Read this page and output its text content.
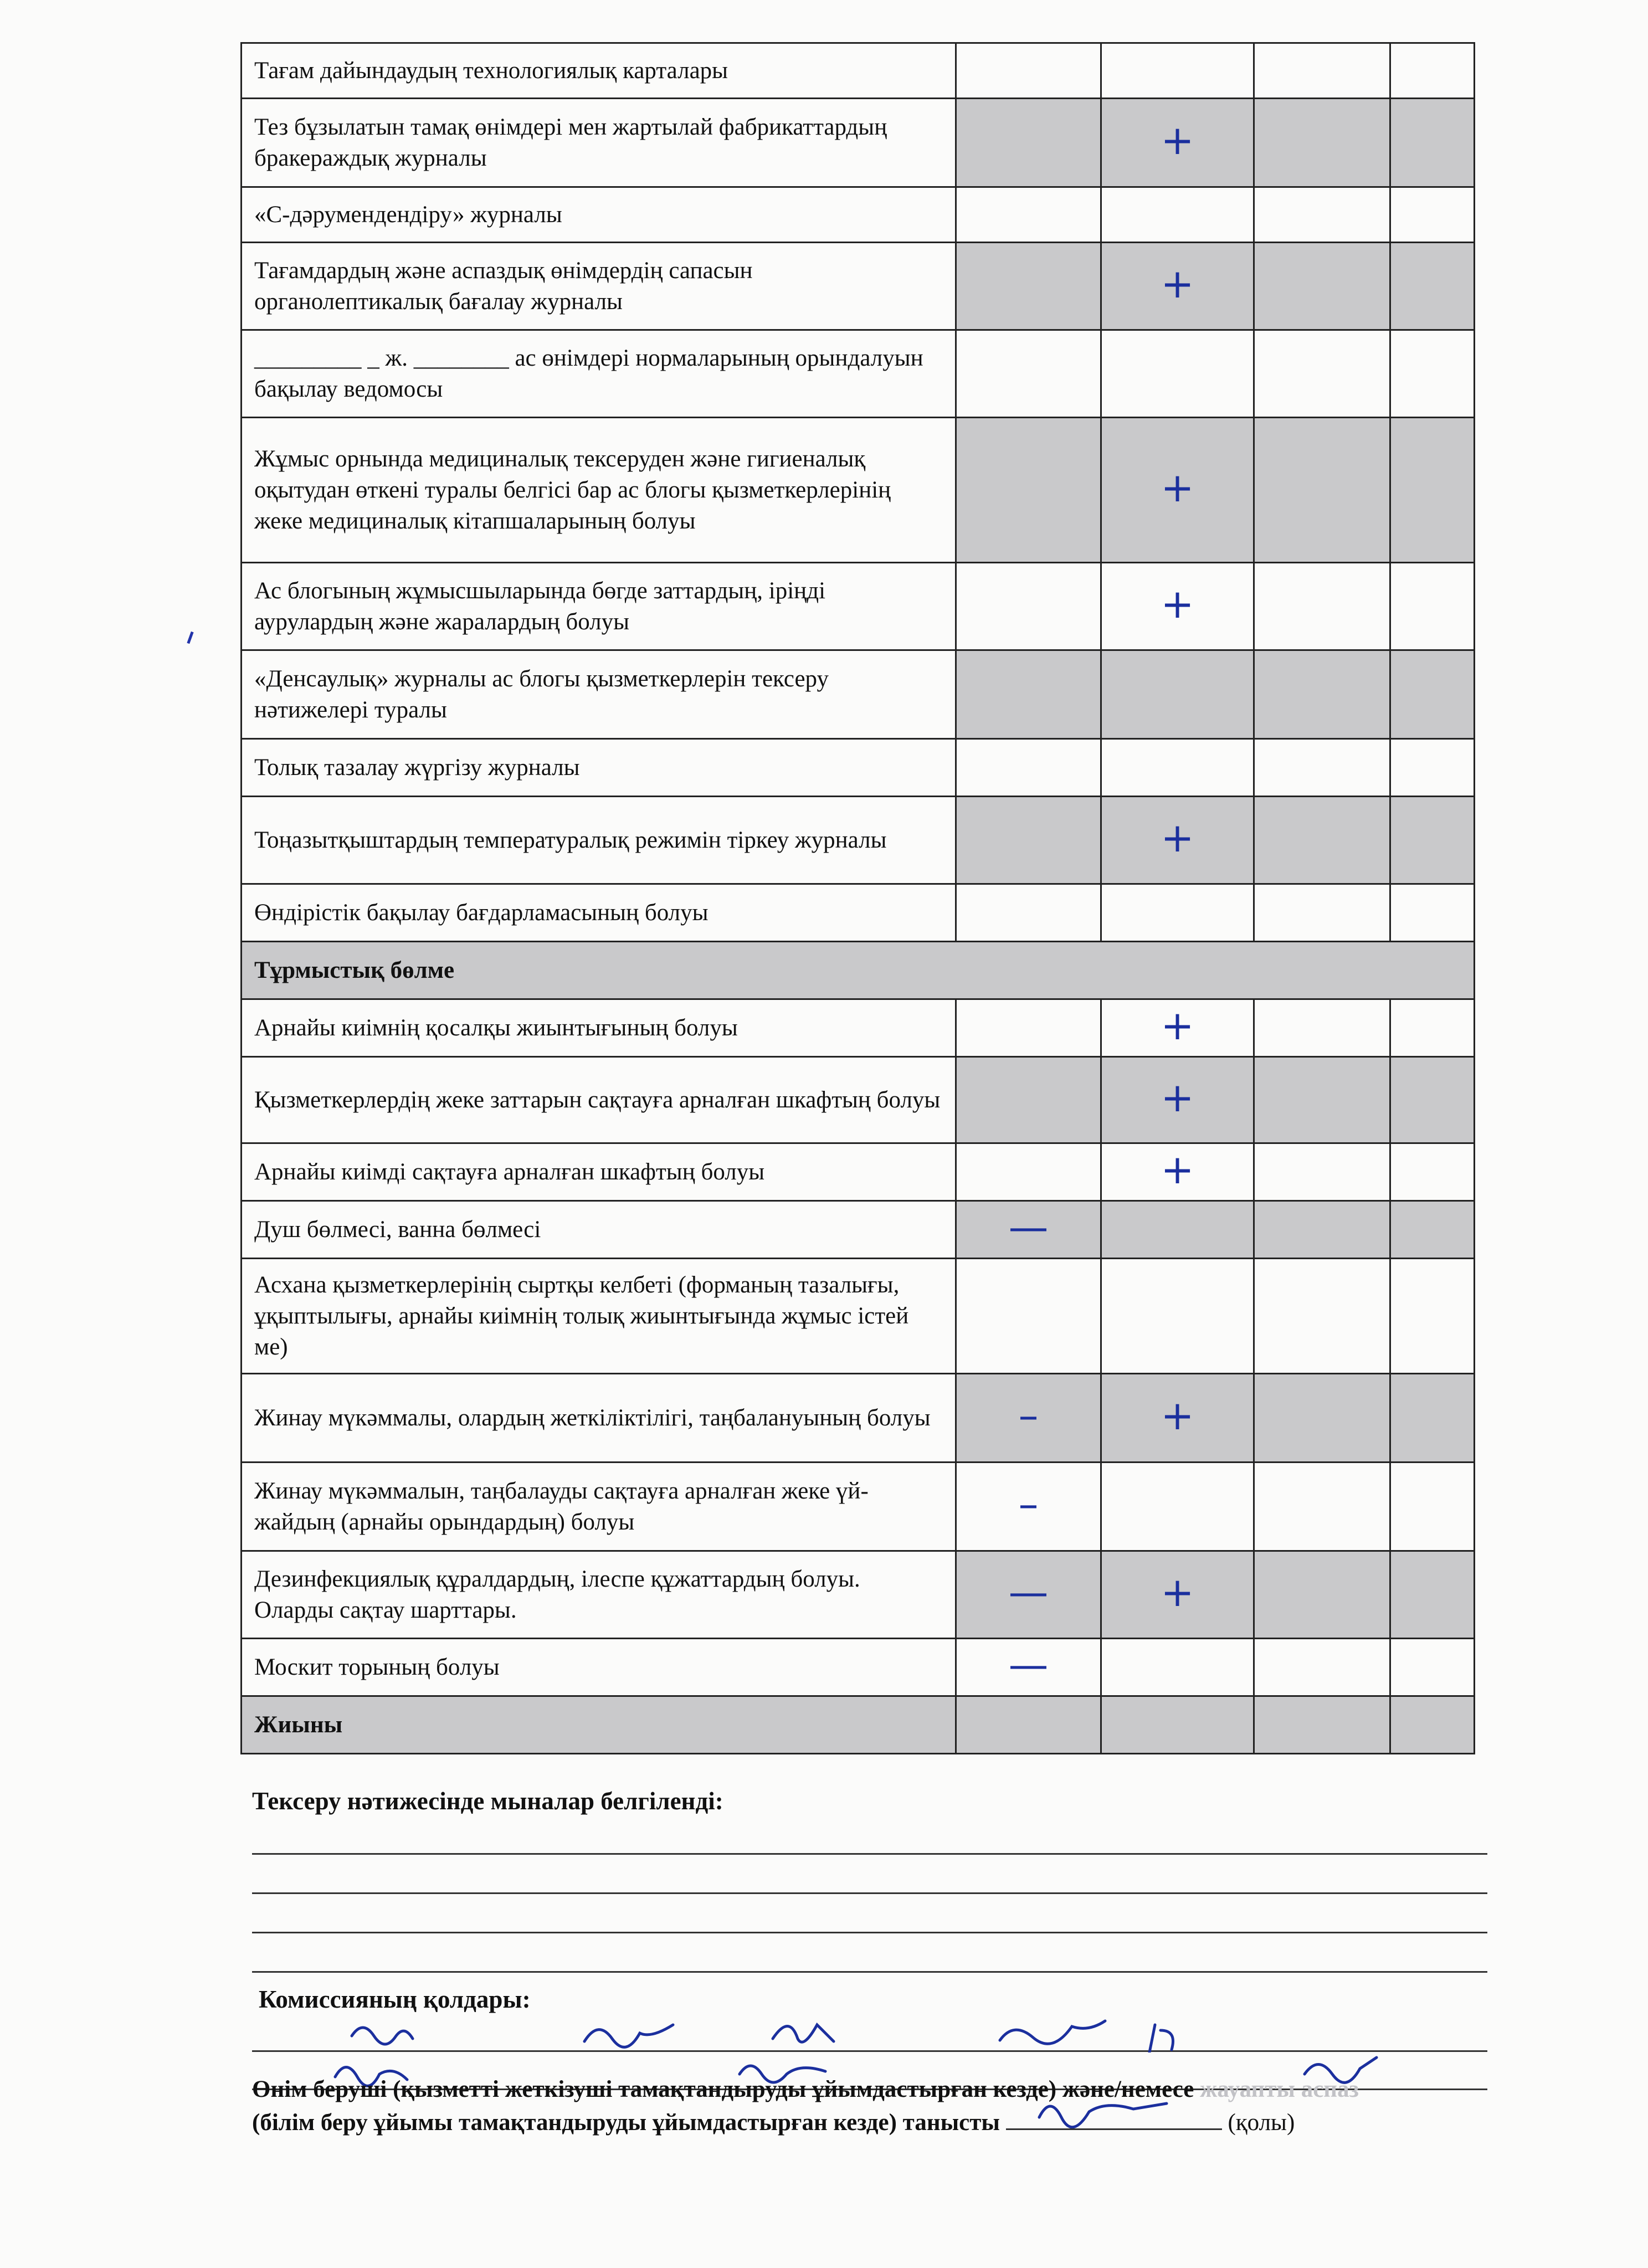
Тағам дайындаудың технологиялық карталары				
Тез бұзылатын тамақ өнімдері мен жартылай фабрикаттардың бракераждық журналы		+		
«С-дәрумендендіру» журналы				
Тағамдардың және аспаздық өнімдердің сапасын органолептикалық бағалау журналы		+		
_________ _ ж. ________ ас өнімдері нормаларының орындалуын бақылау ведомосы				
Жұмыс орнында медициналық тексеруден және гигиеналық оқытудан өткені туралы белгісі бар ас блогы қызметкерлерінің жеке медициналық кітапшаларының болуы		+		
Ас блогының жұмысшыларында бөгде заттардың, іріңді аурулардың және жаралардың болуы		+		
«Денсаулық» журналы ас блогы қызметкерлерін тексеру нәтижелері туралы				
Толық тазалау жүргізу журналы				
Тоңазытқыштардың температуралық режимін тіркеу журналы		+		
Өндірістік бақылау бағдарламасының болуы				
Тұрмыстық бөлме				
Арнайы киімнің қосалқы жиынтығының болуы		+		
Қызметкерлердің жеке заттарын сақтауға арналған шкафтың болуы		+		
Арнайы киімді сақтауға арналған шкафтың болуы		+		
Душ бөлмесі, ванна бөлмесі	—			
Асхана қызметкерлерінің сыртқы келбеті (форманың тазалығы, ұқыптылығы, арнайы киімнің толық жиынтығында жұмыс істей ме)				
Жинау мүкәммалы, олардың жеткіліктілігі, таңбалануының болуы	–	+		
Жинау мүкәммалын, таңбалауды сақтауға арналған жеке үй-жайдың (арнайы орындардың) болуы	–			
Дезинфекциялық құралдардың, ілеспе құжаттардың болуы. Оларды сақтау шарттары.	—	+		
Москит торының болуы	—			
Жиыны				
Тексеру нәтижесінде мыналар белгіленді:
Комиссияның қолдары:
Өнім беруші (қызметті жеткізуші тамақтандыруды ұйымдастырған кезде) және/немесе жауапты аспаз
(білім беру ұйымы тамақтандыруды ұйымдастырған кезде) танысты	(қолы)
